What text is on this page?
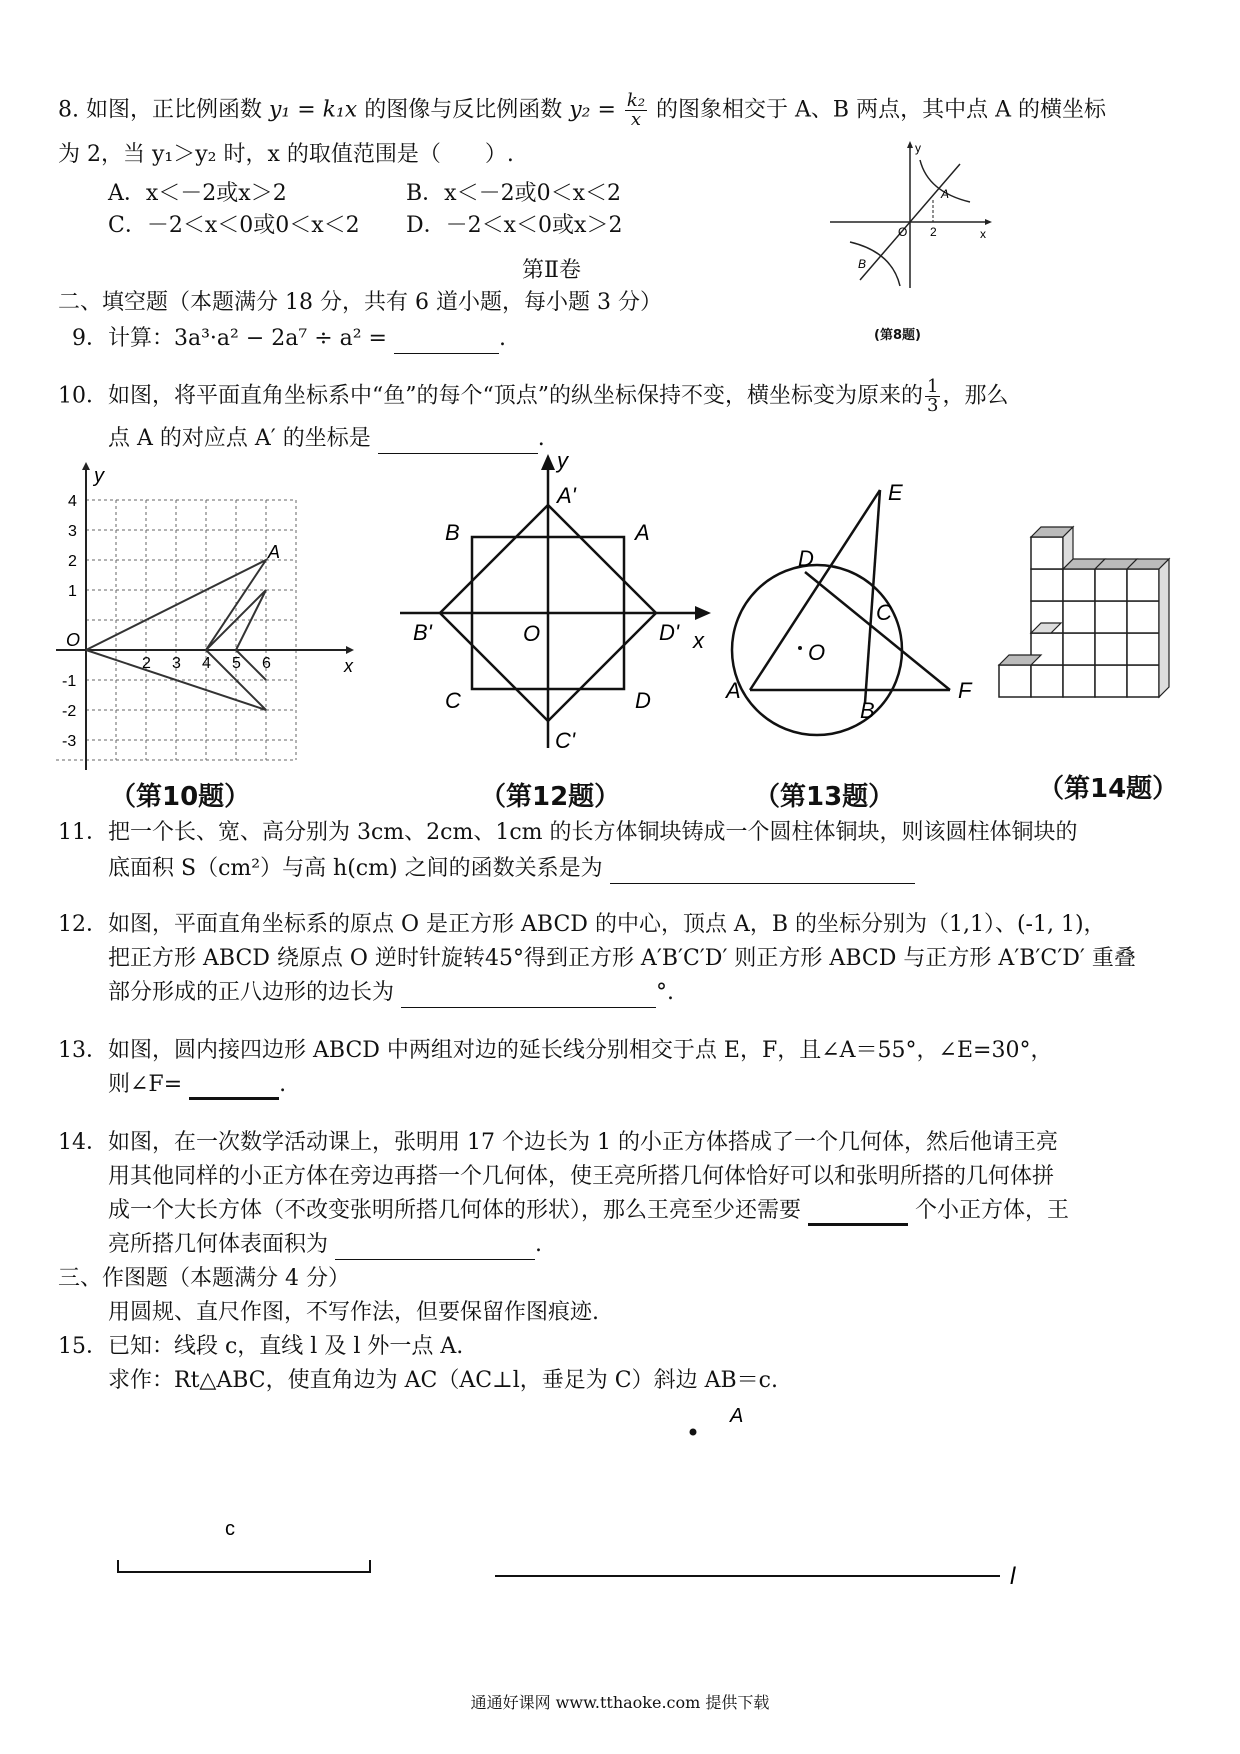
8. 如图，正比例函数 y₁ = k₁x 的图像与反比例函数 $y_2 = \frac{\text{k₂}}{x}$ 的图象相交于 A、B 两点，其中点 A 的横坐标
为 2，当 y₁＞y₂ 时，x 的取值范围是（　　）.
A．x＜－2或x＞2	B．x＜－2或0＜x＜2
C．－2＜x＜0或0＜x＜2 D．－2＜x＜0或x＞2
y
x
O 2
A
B
(第8题)
第Ⅱ卷
二、填空题（本题满分 18 分，共有 6 道小题，每小题 3 分）
9．计算：3a³·a² − 2a⁷ ÷ a² =	.
10．如图，将平面直角坐标系中“鱼”的每个“顶点”的纵坐标保持不变，横坐标变为原来的 $\frac{1}{3}$ ，那么
点 A 的对应点 A′ 的坐标是	.
y
x
O
A
4
3
2
1
-1
-2
-3
2 3 4 5 6
（第10题）
y
x
O
A
B
C	D
A'
B'
C'
D'
（第12题）
E
D
C
O
A
B
F
（第13题）	（第14题）
11．把一个长、宽、高分别为 3cm、2cm、1cm 的长方体铜块铸成一个圆柱体铜块，则该圆柱体铜块的
底面积 S（cm²）与高 h(cm) 之间的函数关系是为
12．如图，平面直角坐标系的原点 O 是正方形 ABCD 的中心，顶点 A，B 的坐标分别为（1,1）、(-1, 1)，
把正方形 ABCD 绕原点 O 逆时针旋转45°得到正方形 A′B′C′D′ 则正方形 ABCD 与正方形 A′B′C′D′ 重叠
部分形成的正八边形的边长为	°.
13．如图，圆内接四边形 ABCD 中两组对边的延长线分别相交于点 E，F，且∠A＝55°，∠E=30°，
则∠F=	.
14．如图，在一次数学活动课上，张明用 17 个边长为 1 的小正方体搭成了一个几何体，然后他请王亮
用其他同样的小正方体在旁边再搭一个几何体，使王亮所搭几何体恰好可以和张明所搭的几何体拼
成一个大长方体（不改变张明所搭几何体的形状），那么王亮至少还需要	个小正方体，王
亮所搭几何体表面积为	.
三、作图题（本题满分 4 分）
用圆规、直尺作图，不写作法，但要保留作图痕迹.
15．已知：线段 c，直线 l 及 l 外一点 A.
求作：Rt△ABC，使直角边为 AC（AC⊥l，垂足为 C）斜边 AB＝c.
A
c
l
通通好课网 www.tthaoke.com 提供下载
